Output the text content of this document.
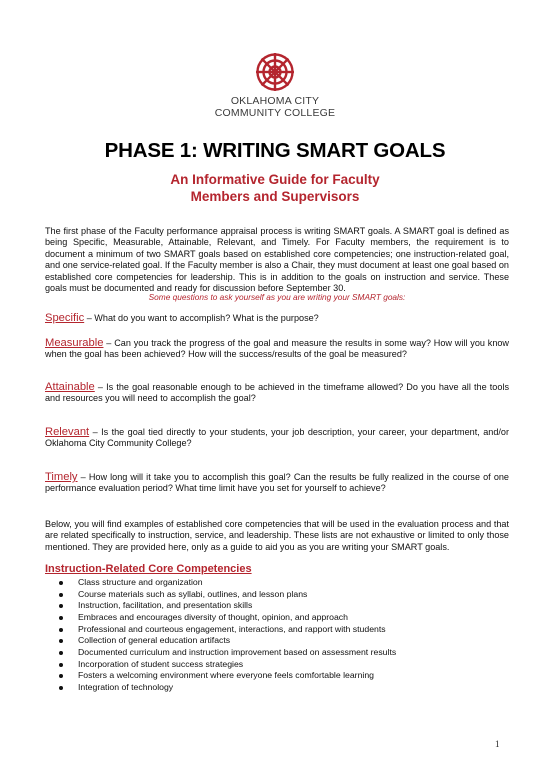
OKLAHOMA CITY
COMMUNITY COLLEGE
PHASE 1: WRITING SMART GOALS
An Informative Guide for Faculty
Members and Supervisors

The first phase of the Faculty performance appraisal process is writing SMART goals. A SMART goal is defined as being Specific, Measurable, Attainable, Relevant, and Timely. For Faculty members, the requirement is to document a minimum of two SMART goals based on established core competencies; one instruction-related goal, and one service-related goal. If the Faculty member is also a Chair, they must document at least one goal based on established core competencies for leadership. This is in addition to the goals on instruction and service. These goals must be documented and ready for discussion before September 30.

Some questions to ask yourself as you are writing your SMART goals:

Specific – What do you want to accomplish? What is the purpose?

Measurable – Can you track the progress of the goal and measure the results in some way? How will you know when the goal has been achieved? How will the success/results of the goal be measured?

Attainable – Is the goal reasonable enough to be achieved in the timeframe allowed? Do you have all the tools and resources you will need to accomplish the goal?

Relevant – Is the goal tied directly to your students, your job description, your career, your department, and/or Oklahoma City Community College?

Timely – How long will it take you to accomplish this goal? Can the results be fully realized in the course of one performance evaluation period? What time limit have you set for yourself to achieve?

Below, you will find examples of established core competencies that will be used in the evaluation process and that are related specifically to instruction, service, and leadership. These lists are not exhaustive or limited to only those mentioned. They are provided here, only as a guide to aid you as you are writing your SMART goals.

Instruction-Related Core Competencies
Class structure and organization
Course materials such as syllabi, outlines, and lesson plans
Instruction, facilitation, and presentation skills
Embraces and encourages diversity of thought, opinion, and approach
Professional and courteous engagement, interactions, and rapport with students
Collection of general education artifacts
Documented curriculum and instruction improvement based on assessment results
Incorporation of student success strategies
Fosters a welcoming environment where everyone feels comfortable learning
Integration of technology
1
